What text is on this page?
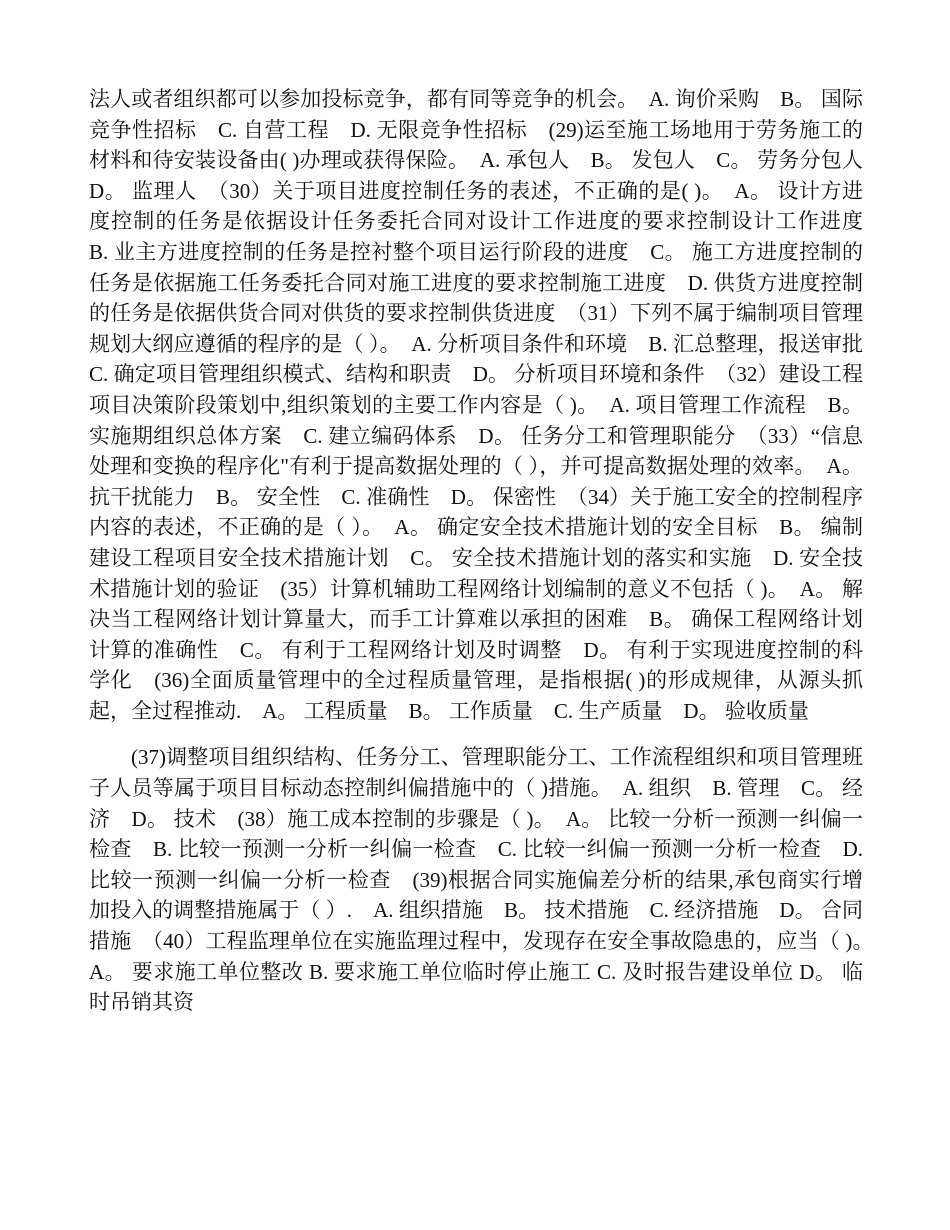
法人或者组织都可以参加投标竞争，都有同等竞争的机会。　A. 询价采购　B。 国际竞争性招标　C. 自营工程　D. 无限竞争性招标　(29)运至施工场地用于劳务施工的材料和待安装设备由( )办理或获得保险。　A. 承包人　B。 发包人　C。 劳务分包人　D。 监理人　（30）关于项目进度控制任务的表述，不正确的是( )。　A。 设计方进度控制的任务是依据设计任务委托合同对设计工作进度的要求控制设计工作进度　B. 业主方进度控制的任务是控衬整个项目运行阶段的进度　C。 施工方进度控制的任务是依据施工任务委托合同对施工进度的要求控制施工进度　D. 供货方进度控制的任务是依据供货合同对供货的要求控制供货进度　（31）下列不属于编制项目管理规划大纲应遵循的程序的是（ ）。　A. 分析项目条件和环境　B. 汇总整理，报送审批　C. 确定项目管理组织模式、结构和职责　D。 分析项目环境和条件　（32）建设工程项目决策阶段策划中,组织策划的主要工作内容是（ )。　A. 项目管理工作流程　B。 实施期组织总体方案　C. 建立编码体系　D。 任务分工和管理职能分　（33）“信息处理和变换的程序化"有利于提高数据处理的（ ），并可提高数据处理的效率。　A。 抗干扰能力　B。 安全性　C. 准确性　D。 保密性　（34）关于施工安全的控制程序内容的表述，不正确的是（ ）。　A。 确定安全技术措施计划的安全目标　B。 编制建设工程项目安全技术措施计划　C。 安全技术措施计划的落实和实施　D. 安全技术措施计划的验证　(35）计算机辅助工程网络计划编制的意义不包括（ )。　A。 解决当工程网络计划计算量大，而手工计算难以承担的困难　B。 确保工程网络计划计算的准确性　C。 有利于工程网络计划及时调整　D。 有利于实现进度控制的科学化　(36)全面质量管理中的全过程质量管理，是指根据( )的形成规律，从源头抓起，全过程推动.　A。 工程质量　B。 工作质量　C. 生产质量　D。 验收质量

(37)调整项目组织结构、任务分工、管理职能分工、工作流程组织和项目管理班子人员等属于项目目标动态控制纠偏措施中的（ )措施。　A. 组织　B. 管理　C。 经济　D。 技术　(38）施工成本控制的步骤是（ )。　A。 比较一分析一预测一纠偏一检查　B. 比较一预测一分析一纠偏一检查　C. 比较一纠偏一预测一分析一检查　D. 比较一预测一纠偏一分析一检查　(39)根据合同实施偏差分析的结果,承包商实行增加投入的调整措施属于（ ）.　A. 组织措施　B。 技术措施　C. 经济措施　D。 合同措施　（40）工程监理单位在实施监理过程中，发现存在安全事故隐患的，应当（ )。　A。 要求施工单位整改 B. 要求施工单位临时停止施工 C. 及时报告建设单位 D。 临时吊销其资
